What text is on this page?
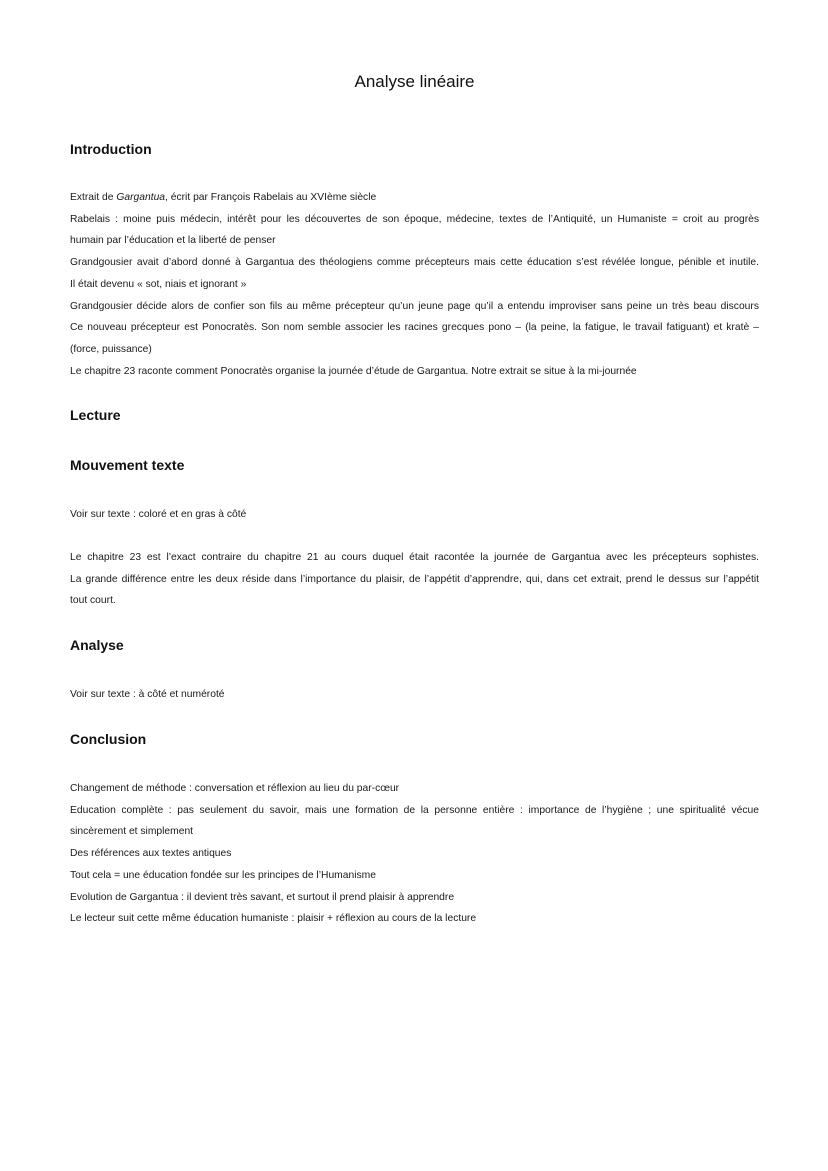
Analyse linéaire
Introduction
Extrait de Gargantua, écrit par François Rabelais au XVIème siècle
Rabelais : moine puis médecin, intérêt pour les découvertes de son époque, médecine, textes de l’Antiquité, un Humaniste = croit au progrès
humain par l’éducation et la liberté de penser
Grandgousier avait d’abord donné à Gargantua des théologiens comme précepteurs mais cette éducation s’est révélée longue, pénible et inutile.
Il était devenu « sot, niais et ignorant »
Grandgousier décide alors de confier son fils au même précepteur qu’un jeune page qu’il a entendu improviser sans peine un très beau discours
Ce nouveau précepteur est Ponocratès. Son nom semble associer les racines grecques pono – (la peine, la fatigue, le travail fatiguant) et kratè –
(force, puissance)
Le chapitre 23 raconte comment Ponocratès organise la journée d’étude de Gargantua. Notre extrait se situe à la mi-journée
Lecture
Mouvement texte
Voir sur texte : coloré et en gras à côté
Le chapitre 23 est l’exact contraire du chapitre 21 au cours duquel était racontée la journée de Gargantua avec les précepteurs sophistes.
La grande différence entre les deux réside dans l’importance du plaisir, de l’appétit d’apprendre, qui, dans cet extrait, prend le dessus sur l’appétit
tout court.
Analyse
Voir sur texte : à côté et numéroté
Conclusion
Changement de méthode : conversation et réflexion au lieu du par-cœur
Education complète : pas seulement du savoir, mais une formation de la personne entière : importance de l’hygiène ; une spiritualité vécue
sincèrement et simplement
Des références aux textes antiques
Tout cela = une éducation fondée sur les principes de l’Humanisme
Evolution de Gargantua : il devient très savant, et surtout il prend plaisir à apprendre
Le lecteur suit cette même éducation humaniste : plaisir + réflexion au cours de la lecture
